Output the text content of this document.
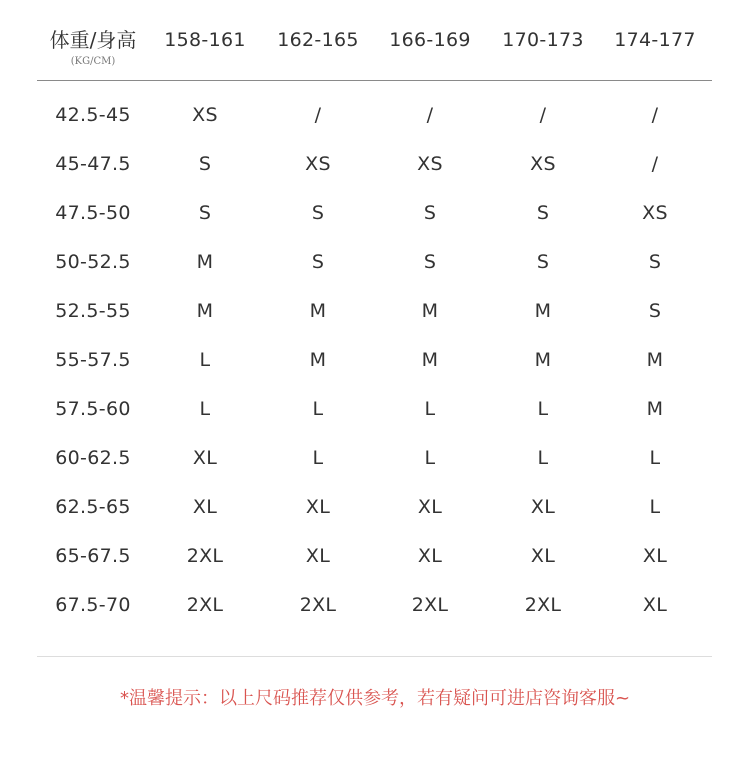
体重/身高
(KG/CM)
158-161	162-165	166-169	170-173	174-177
42.5-45	XS	/	/	/	/
45-47.5	S	XS	XS	XS	/
47.5-50	S	S	S	S	XS
50-52.5	M	S	S	S	S
52.5-55	M	M	M	M	S
55-57.5	L	M	M	M	M
57.5-60	L	L	L	L	M
60-62.5	XL	L	L	L	L
62.5-65	XL	XL	XL	XL	L
65-67.5	2XL	XL	XL	XL	XL
67.5-70	2XL	2XL	2XL	2XL	XL
*温馨提示：以上尺码推荐仅供参考，若有疑问可进店咨询客服~
